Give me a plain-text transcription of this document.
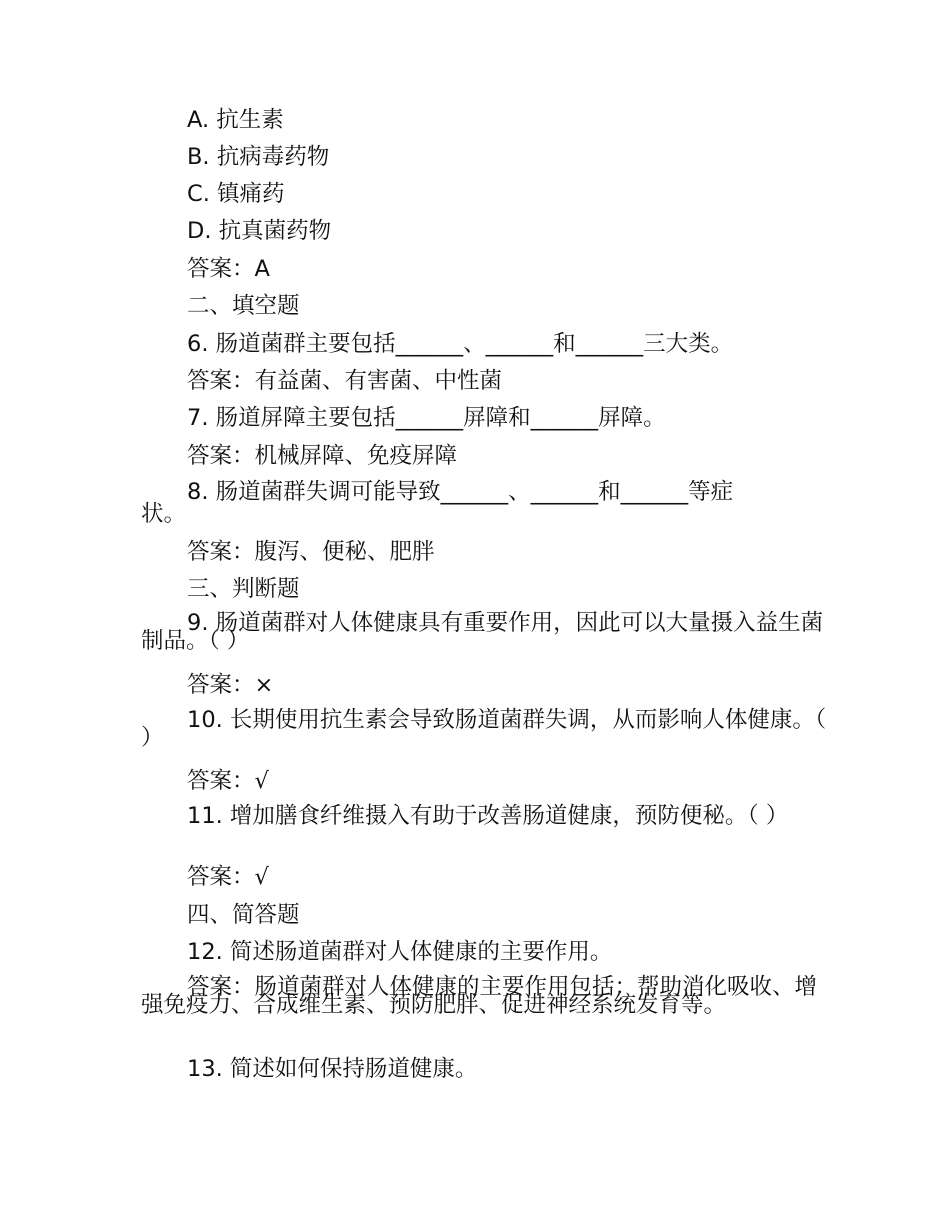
A. 抗生素
B. 抗病毒药物
C. 镇痛药
D. 抗真菌药物
答案：A
二、填空题
6. 肠道菌群主要包括______、______和______三大类。
答案：有益菌、有害菌、中性菌
7. 肠道屏障主要包括______屏障和______屏障。
答案：机械屏障、免疫屏障
8. 肠道菌群失调可能导致______、______和______等症状。
答案：腹泻、便秘、肥胖
三、判断题
9. 肠道菌群对人体健康具有重要作用，因此可以大量摄入益生菌制品。（ ）
答案：×
10. 长期使用抗生素会导致肠道菌群失调，从而影响人体健康。（ ）
答案：√
11. 增加膳食纤维摄入有助于改善肠道健康，预防便秘。（ ）
答案：√
四、简答题
12. 简述肠道菌群对人体健康的主要作用。
答案：肠道菌群对人体健康的主要作用包括：帮助消化吸收、增强免疫力、合成维生素、预防肥胖、促进神经系统发育等。
13. 简述如何保持肠道健康。
